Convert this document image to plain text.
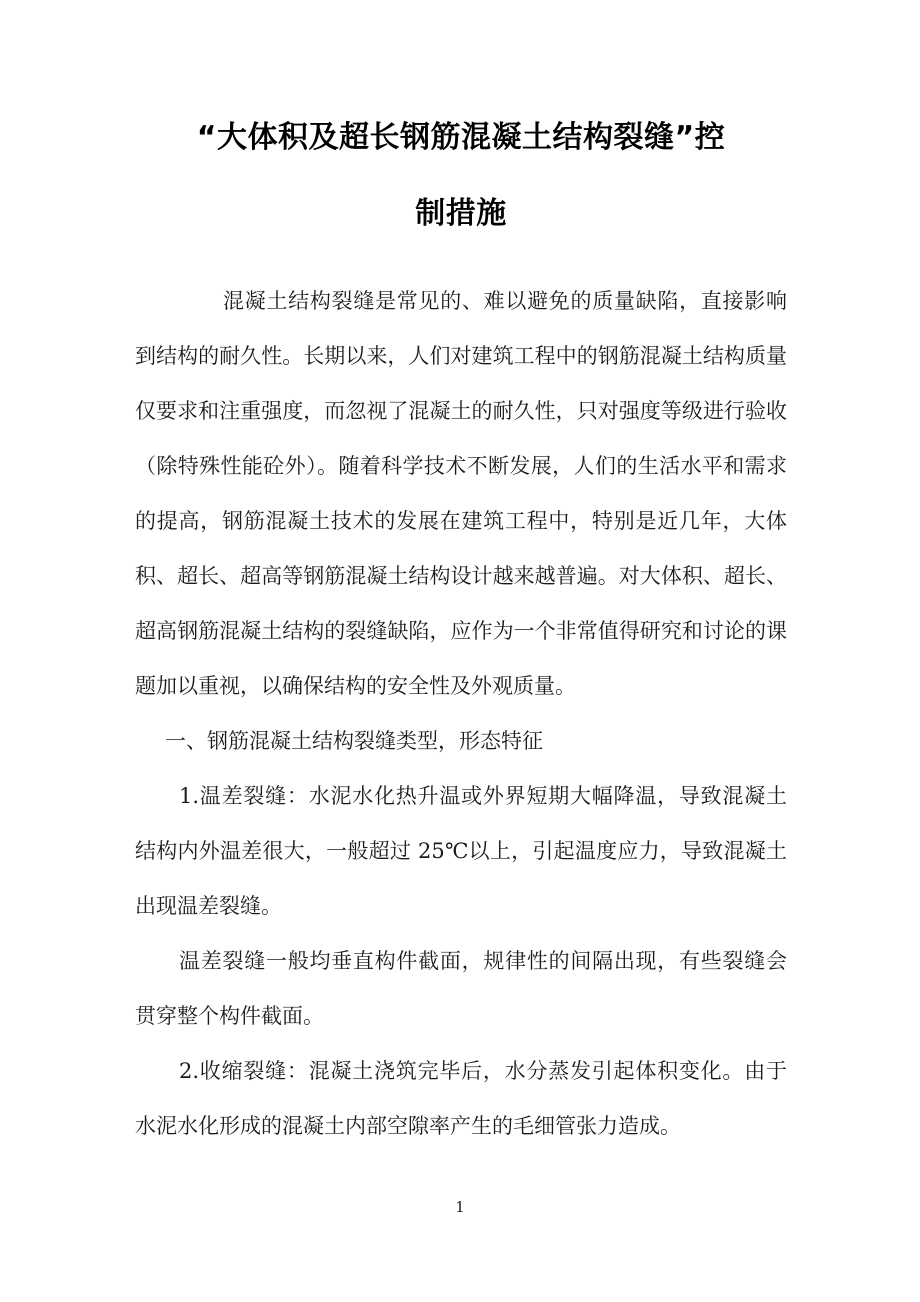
“大体积及超长钢筋混凝土结构裂缝”控
制措施

混凝土结构裂缝是常见的、难以避免的质量缺陷，直接影响到结构的耐久性。长期以来，人们对建筑工程中的钢筋混凝土结构质量仅要求和注重强度，而忽视了混凝土的耐久性，只对强度等级进行验收（除特殊性能砼外）。随着科学技术不断发展，人们的生活水平和需求的提高，钢筋混凝土技术的发展在建筑工程中，特别是近几年，大体积、超长、超高等钢筋混凝土结构设计越来越普遍。对大体积、超长、超高钢筋混凝土结构的裂缝缺陷，应作为一个非常值得研究和讨论的课题加以重视，以确保结构的安全性及外观质量。

一、钢筋混凝土结构裂缝类型，形态特征

1.温差裂缝：水泥水化热升温或外界短期大幅降温，导致混凝土结构内外温差很大，一般超过 25℃以上，引起温度应力，导致混凝土出现温差裂缝。

温差裂缝一般均垂直构件截面，规律性的间隔出现，有些裂缝会贯穿整个构件截面。

2.收缩裂缝：混凝土浇筑完毕后，水分蒸发引起体积变化。由于水泥水化形成的混凝土内部空隙率产生的毛细管张力造成。

1
